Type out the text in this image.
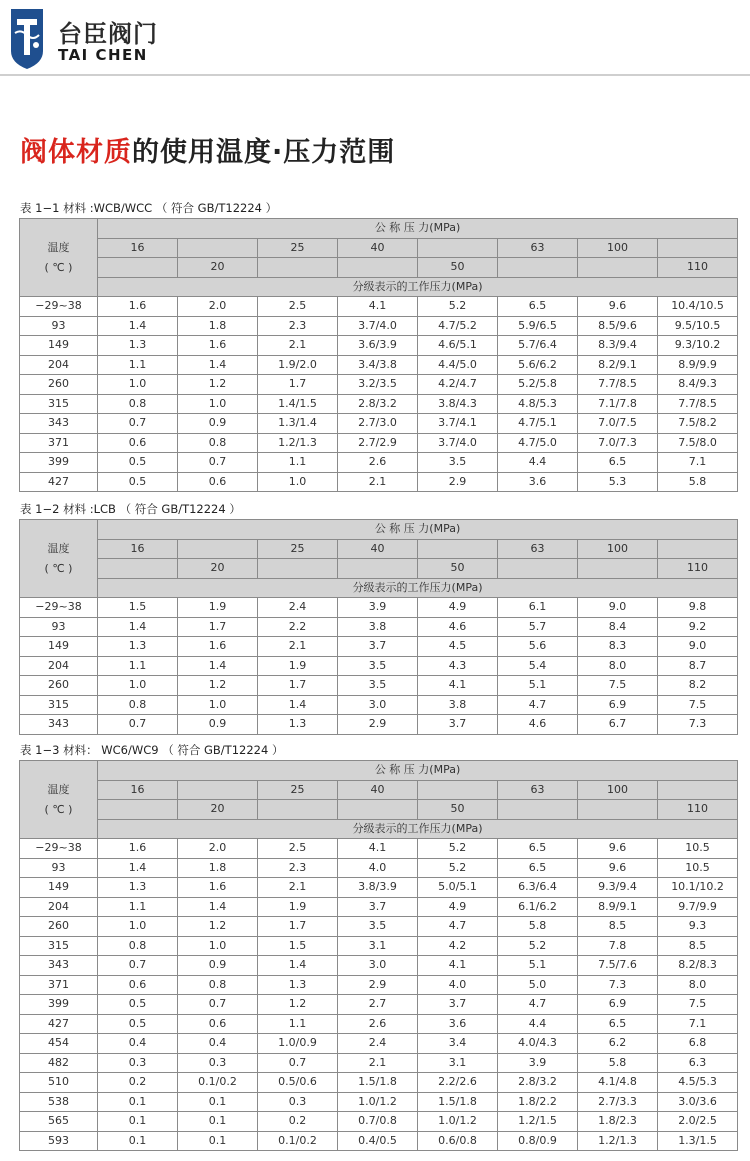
台臣阀门
TAI CHEN
阀体材质的使用温度·压力范围
表 1−1 材料 :WCB/WCC （ 符合 GB/T12224 ）
温度
( ℃ )	公 称 压 力(MPa)							
	16		25	40		63	100	
		20			50			110
	分级表示的工作压力(MPa)							
−29~38	1.6	2.0	2.5	4.1	5.2	6.5	9.6	10.4/10.5
93	1.4	1.8	2.3	3.7/4.0	4.7/5.2	5.9/6.5	8.5/9.6	9.5/10.5
149	1.3	1.6	2.1	3.6/3.9	4.6/5.1	5.7/6.4	8.3/9.4	9.3/10.2
204	1.1	1.4	1.9/2.0	3.4/3.8	4.4/5.0	5.6/6.2	8.2/9.1	8.9/9.9
260	1.0	1.2	1.7	3.2/3.5	4.2/4.7	5.2/5.8	7.7/8.5	8.4/9.3
315	0.8	1.0	1.4/1.5	2.8/3.2	3.8/4.3	4.8/5.3	7.1/7.8	7.7/8.5
343	0.7	0.9	1.3/1.4	2.7/3.0	3.7/4.1	4.7/5.1	7.0/7.5	7.5/8.2
371	0.6	0.8	1.2/1.3	2.7/2.9	3.7/4.0	4.7/5.0	7.0/7.3	7.5/8.0
399	0.5	0.7	1.1	2.6	3.5	4.4	6.5	7.1
427	0.5	0.6	1.0	2.1	2.9	3.6	5.3	5.8
表 1−2 材料 :LCB （ 符合 GB/T12224 ）
温度
( ℃ )	公 称 压 力(MPa)							
	16		25	40		63	100	
		20			50			110
	分级表示的工作压力(MPa)							
−29~38	1.5	1.9	2.4	3.9	4.9	6.1	9.0	9.8
93	1.4	1.7	2.2	3.8	4.6	5.7	8.4	9.2
149	1.3	1.6	2.1	3.7	4.5	5.6	8.3	9.0
204	1.1	1.4	1.9	3.5	4.3	5.4	8.0	8.7
260	1.0	1.2	1.7	3.5	4.1	5.1	7.5	8.2
315	0.8	1.0	1.4	3.0	3.8	4.7	6.9	7.5
343	0.7	0.9	1.3	2.9	3.7	4.6	6.7	7.3
表 1−3 材料： WC6/WC9 （ 符合 GB/T12224 ）
温度
( ℃ )	公 称 压 力(MPa)							
	16		25	40		63	100	
		20			50			110
	分级表示的工作压力(MPa)							
−29~38	1.6	2.0	2.5	4.1	5.2	6.5	9.6	10.5
93	1.4	1.8	2.3	4.0	5.2	6.5	9.6	10.5
149	1.3	1.6	2.1	3.8/3.9	5.0/5.1	6.3/6.4	9.3/9.4	10.1/10.2
204	1.1	1.4	1.9	3.7	4.9	6.1/6.2	8.9/9.1	9.7/9.9
260	1.0	1.2	1.7	3.5	4.7	5.8	8.5	9.3
315	0.8	1.0	1.5	3.1	4.2	5.2	7.8	8.5
343	0.7	0.9	1.4	3.0	4.1	5.1	7.5/7.6	8.2/8.3
371	0.6	0.8	1.3	2.9	4.0	5.0	7.3	8.0
399	0.5	0.7	1.2	2.7	3.7	4.7	6.9	7.5
427	0.5	0.6	1.1	2.6	3.6	4.4	6.5	7.1
454	0.4	0.4	1.0/0.9	2.4	3.4	4.0/4.3	6.2	6.8
482	0.3	0.3	0.7	2.1	3.1	3.9	5.8	6.3
510	0.2	0.1/0.2	0.5/0.6	1.5/1.8	2.2/2.6	2.8/3.2	4.1/4.8	4.5/5.3
538	0.1	0.1	0.3	1.0/1.2	1.5/1.8	1.8/2.2	2.7/3.3	3.0/3.6
565	0.1	0.1	0.2	0.7/0.8	1.0/1.2	1.2/1.5	1.8/2.3	2.0/2.5
593	0.1	0.1	0.1/0.2	0.4/0.5	0.6/0.8	0.8/0.9	1.2/1.3	1.3/1.5
